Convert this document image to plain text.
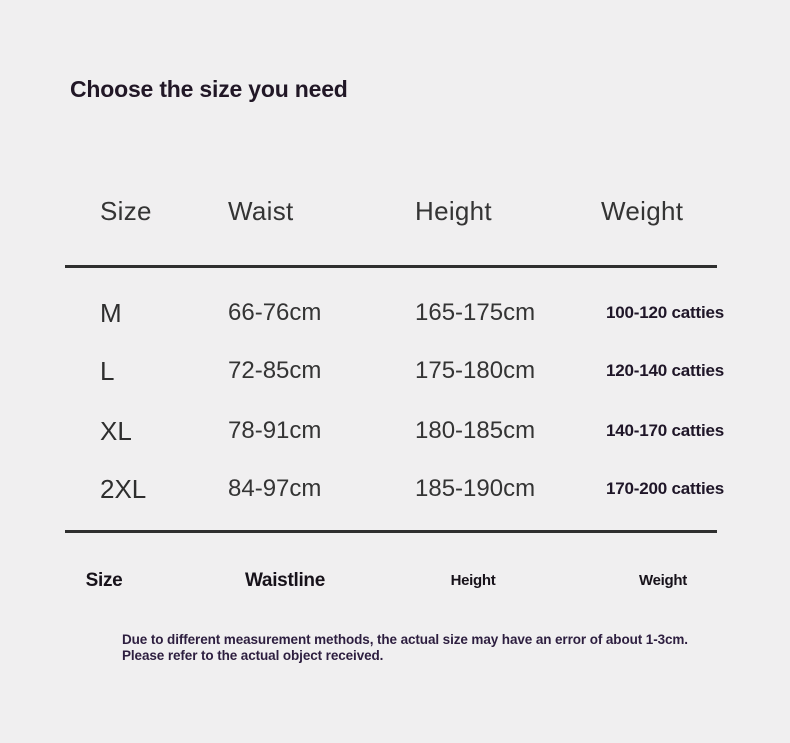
Choose the size you need
Size	Waist	Height	Weight
M	66-76cm	165-175cm	100-120 catties
L	72-85cm	175-180cm	120-140 catties
XL	78-91cm	180-185cm	140-170 catties
2XL	84-97cm	185-190cm	170-200 catties
Size	Waistline	Height	Weight
Due to different measurement methods, the actual size may have an error of about 1-3cm. Please refer to the actual object received.
